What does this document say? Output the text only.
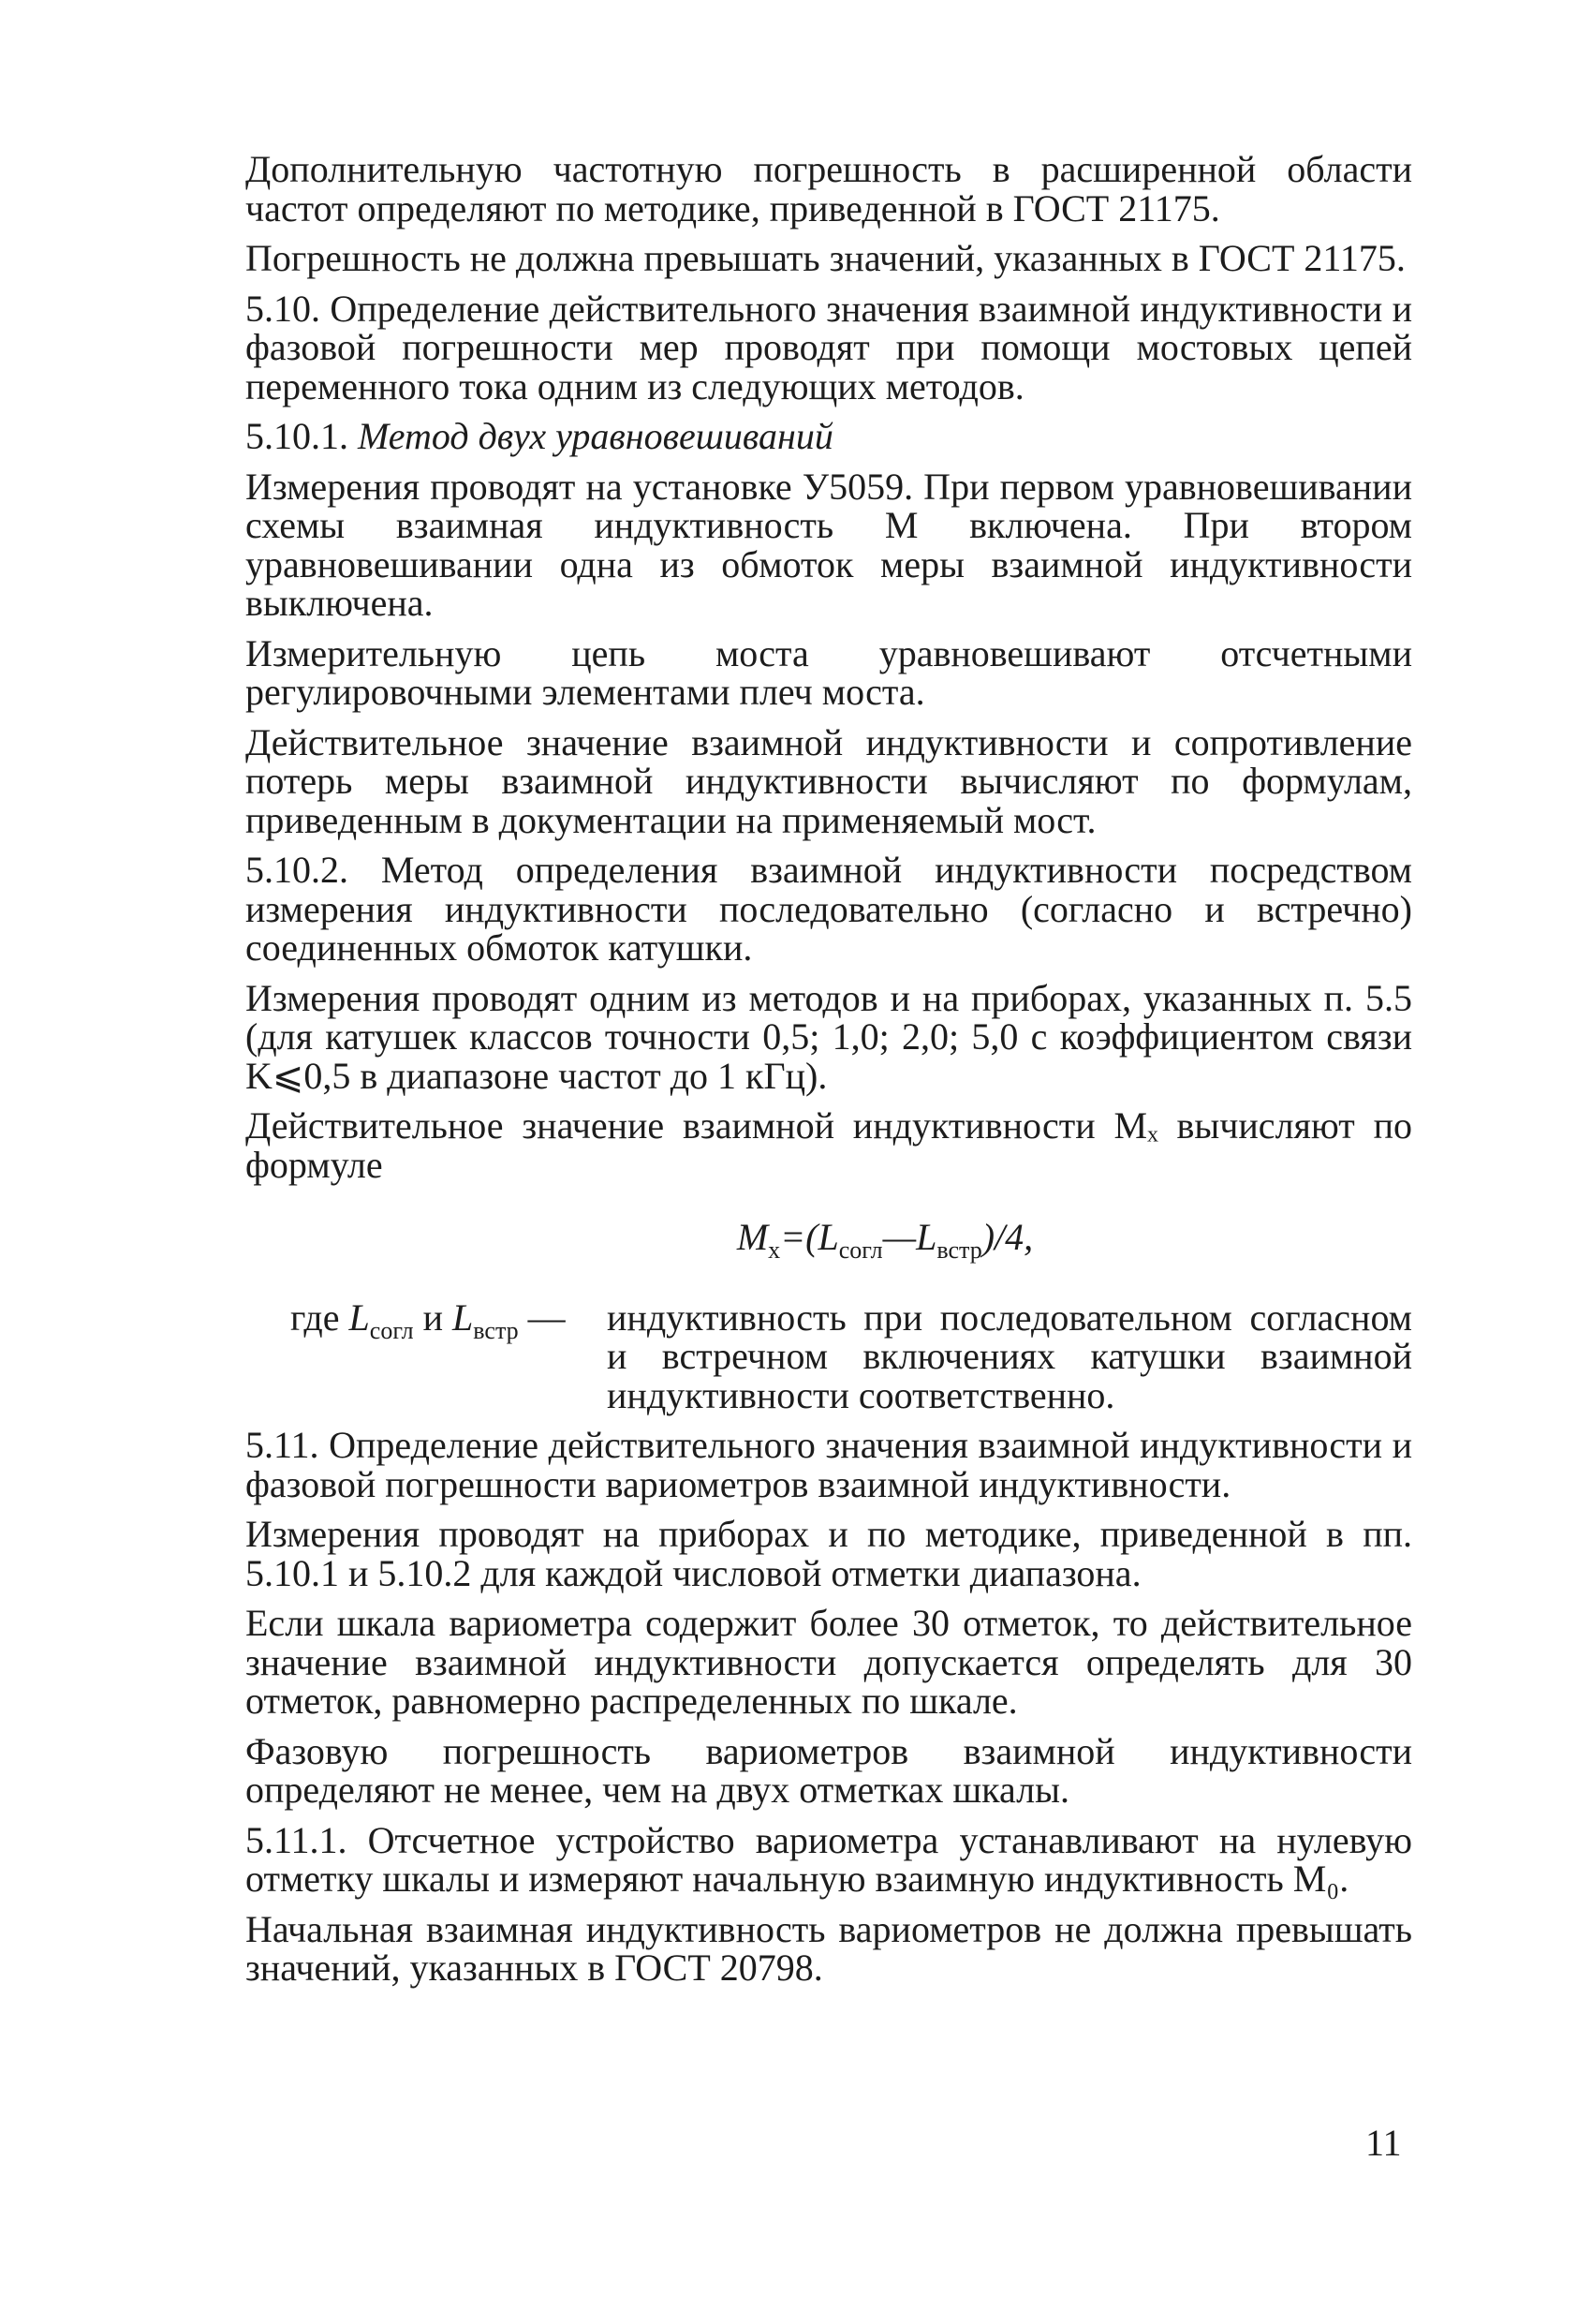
Дополнительную частотную погрешность в расширенной области частот определяют по методике, приведенной в ГОСТ 21175.

Погрешность не должна превышать значений, указанных в ГОСТ 21175.

5.10. Определение действительного значения взаимной индуктивности и фазовой погрешности мер проводят при помощи мостовых цепей переменного тока одним из следующих методов.

5.10.1. Метод двух уравновешиваний

Измерения проводят на установке У5059. При первом уравновешивании схемы взаимная индуктивность M включена. При втором уравновешивании одна из обмоток меры взаимной индуктивности выключена.

Измерительную цепь моста уравновешивают отсчетными регулировочными элементами плеч моста.

Действительное значение взаимной индуктивности и сопротивление потерь меры взаимной индуктивности вычисляют по формулам, приведенным в документации на применяемый мост.

5.10.2. Метод определения взаимной индуктивности посредством измерения индуктивности последовательно (согласно и встречно) соединенных обмоток катушки.

Измерения проводят одним из методов и на приборах, указанных п. 5.5 (для катушек классов точности 0,5; 1,0; 2,0; 5,0 с коэффициентом связи K⩽0,5 в диапазоне частот до 1 кГц).

Действительное значение взаимной индуктивности Mₓ вычисляют по формуле

$M_x=(L_{согл}—L_{встр})/4$,
где $L_{согл}$ и $L_{встр}$ —	индуктивность при последовательном согласном и встречном включениях катушки взаимной индуктивности соответственно.

5.11. Определение действительного значения взаимной индуктивности и фазовой погрешности вариометров взаимной индуктивности.

Измерения проводят на приборах и по методике, приведенной в пп. 5.10.1 и 5.10.2 для каждой числовой отметки диапазона.

Если шкала вариометра содержит более 30 отметок, то действительное значение взаимной индуктивности допускается определять для 30 отметок, равномерно распределенных по шкале.

Фазовую погрешность вариометров взаимной индуктивности определяют не менее, чем на двух отметках шкалы.

5.11.1. Отсчетное устройство вариометра устанавливают на нулевую отметку шкалы и измеряют начальную взаимную индуктивность M₀.

Начальная взаимная индуктивность вариометров не должна превышать значений, указанных в ГОСТ 20798.

11
